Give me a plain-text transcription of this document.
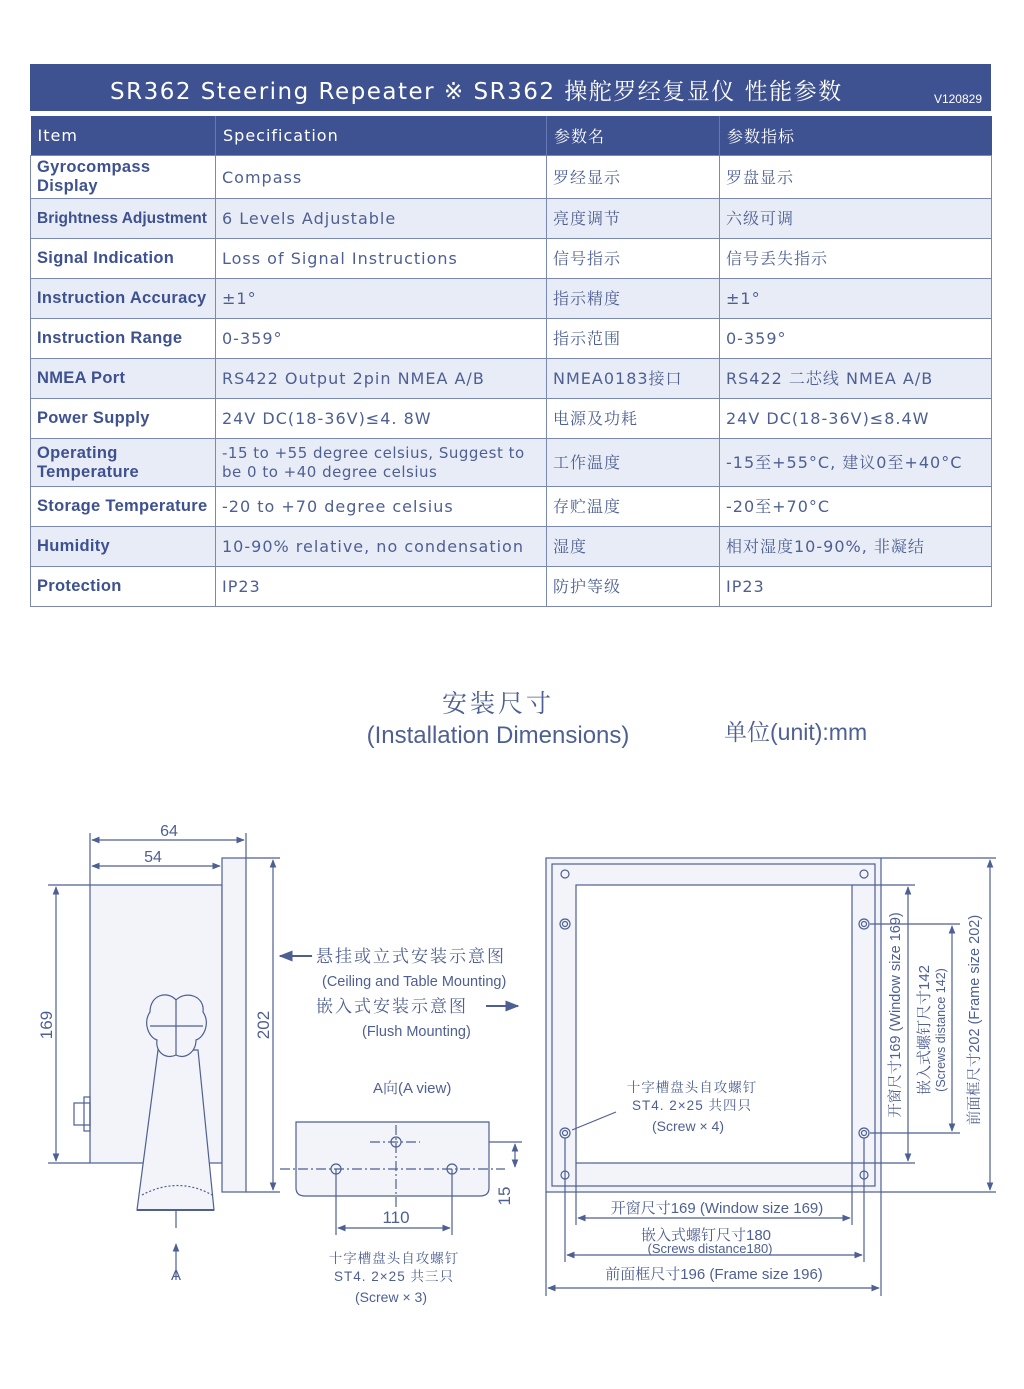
SR362 Steering Repeater ※ SR362 操舵罗经复显仪 性能参数	V120829
Item	Specification	参数名	参数指标
Gyrocompass Display	Compass	罗经显示	罗盘显示
Brightness Adjustment	6 Levels Adjustable	亮度调节	六级可调
Signal Indication	Loss of Signal Instructions	信号指示	信号丢失指示
Instruction Accuracy	±1°	指示精度	±1°
Instruction Range	0-359°	指示范围	0-359°
NMEA Port	RS422 Output 2pin NMEA A/B	NMEA0183接口	RS422 二芯线 NMEA A/B
Power Supply	24V DC(18-36V)≤4. 8W	电源及功耗	24V DC(18-36V)≤8.4W
Operating Temperature	-15 to +55 degree celsius, Suggest to be 0 to +40 degree celsius	工作温度	-15至+55°C, 建议0至+40°C
Storage Temperature	-20 to +70 degree celsius	存贮温度	-20至+70°C
Humidity	10-90% relative, no condensation	湿度	相对湿度10-90%, 非凝结
Protection	IP23	防护等级	IP23
安装尺寸
(Installation Dimensions)	单位(unit):mm
64
54
169	202
A
悬挂或立式安装示意图
(Ceiling and Table Mounting)
嵌入式安装示意图
(Flush Mounting)
A向(A view)
110
15
十字槽盘头自攻螺钉
ST4. 2×25 共三只
(Screw × 3)
十字槽盘头自攻螺钉
ST4. 2×25 共四只
(Screw × 4)
开窗尺寸169 (Window size 169)
嵌入式螺钉尺寸180
(Screws distance180)
前面框尺寸196 (Frame size 196)
开窗尺寸169 (Window size 169) 嵌入式螺钉尺寸142 (Screws distance 142) 前面框尺寸202 (Frame size 202)
